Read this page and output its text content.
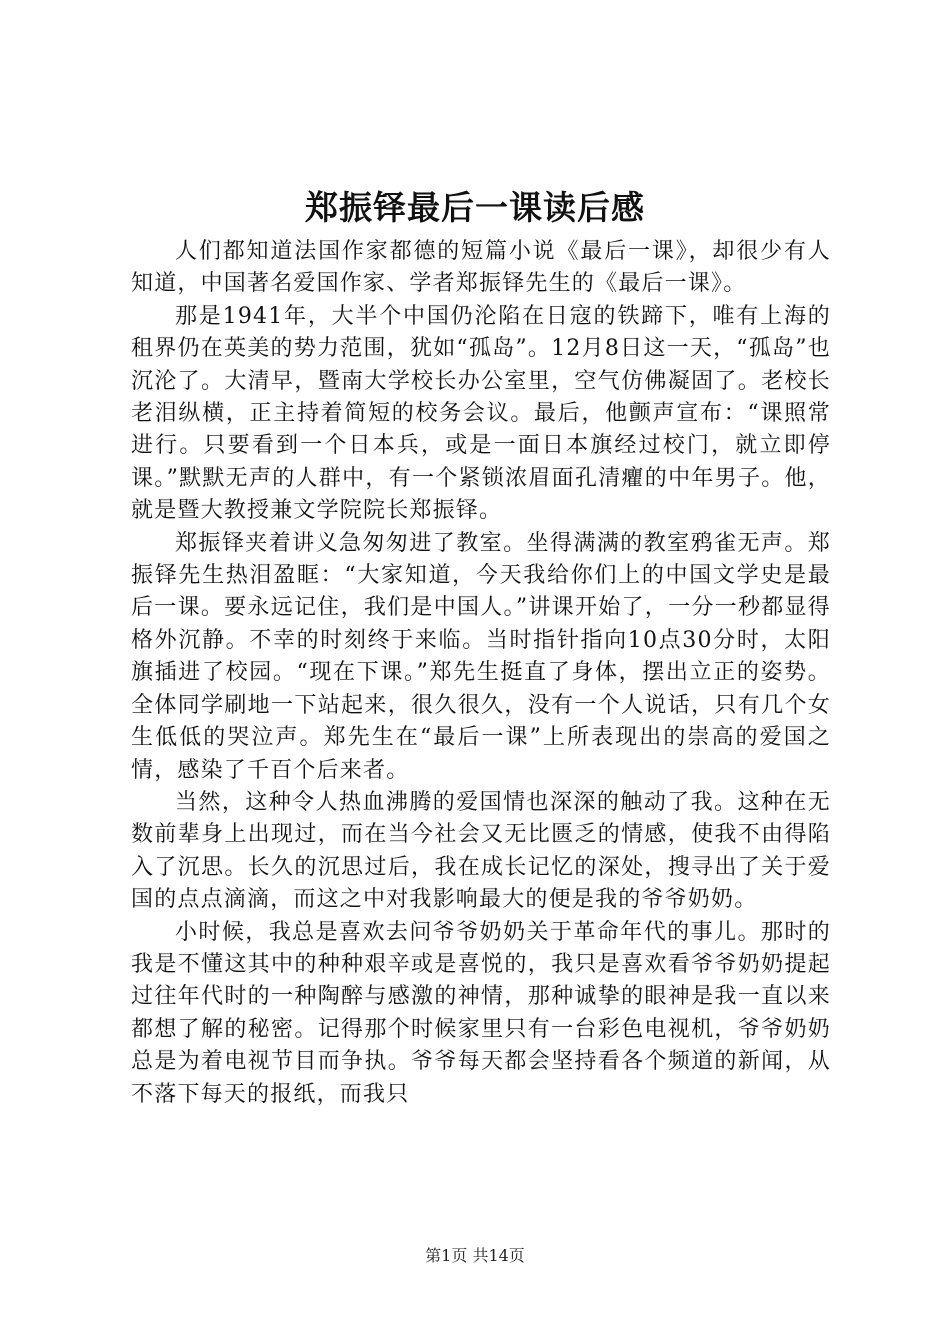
郑振铎最后一课读后感

人们都知道法国作家都德的短篇小说《最后一课》，却很少有人知道，中国著名爱国作家、学者郑振铎先生的《最后一课》。

那是1941年，大半个中国仍沦陷在日寇的铁蹄下，唯有上海的租界仍在英美的势力范围，犹如“孤岛”。12月8日这一天，“孤岛”也沉沦了。大清早，暨南大学校长办公室里，空气仿佛凝固了。老校长老泪纵横，正主持着简短的校务会议。最后，他颤声宣布：“课照常进行。只要看到一个日本兵，或是一面日本旗经过校门，就立即停课。”默默无声的人群中，有一个紧锁浓眉面孔清癯的中年男子。他，就是暨大教授兼文学院院长郑振铎。

郑振铎夹着讲义急匆匆进了教室。坐得满满的教室鸦雀无声。郑振铎先生热泪盈眶：“大家知道，今天我给你们上的中国文学史是最后一课。要永远记住，我们是中国人。”讲课开始了，一分一秒都显得格外沉静。不幸的时刻终于来临。当时指针指向10点30分时，太阳旗插进了校园。“现在下课。”郑先生挺直了身体，摆出立正的姿势。全体同学刷地一下站起来，很久很久，没有一个人说话，只有几个女生低低的哭泣声。郑先生在“最后一课”上所表现出的崇高的爱国之情，感染了千百个后来者。

当然，这种令人热血沸腾的爱国情也深深的触动了我。这种在无数前辈身上出现过，而在当今社会又无比匮乏的情感，使我不由得陷入了沉思。长久的沉思过后，我在成长记忆的深处，搜寻出了关于爱国的点点滴滴，而这之中对我影响最大的便是我的爷爷奶奶。

小时候，我总是喜欢去问爷爷奶奶关于革命年代的事儿。那时的我是不懂这其中的种种艰辛或是喜悦的，我只是喜欢看爷爷奶奶提起过往年代时的一种陶醉与感激的神情，那种诚挚的眼神是我一直以来都想了解的秘密。记得那个时候家里只有一台彩色电视机，爷爷奶奶总是为着电视节目而争执。爷爷每天都会坚持看各个频道的新闻，从不落下每天的报纸，而我只

第1页 共14页
